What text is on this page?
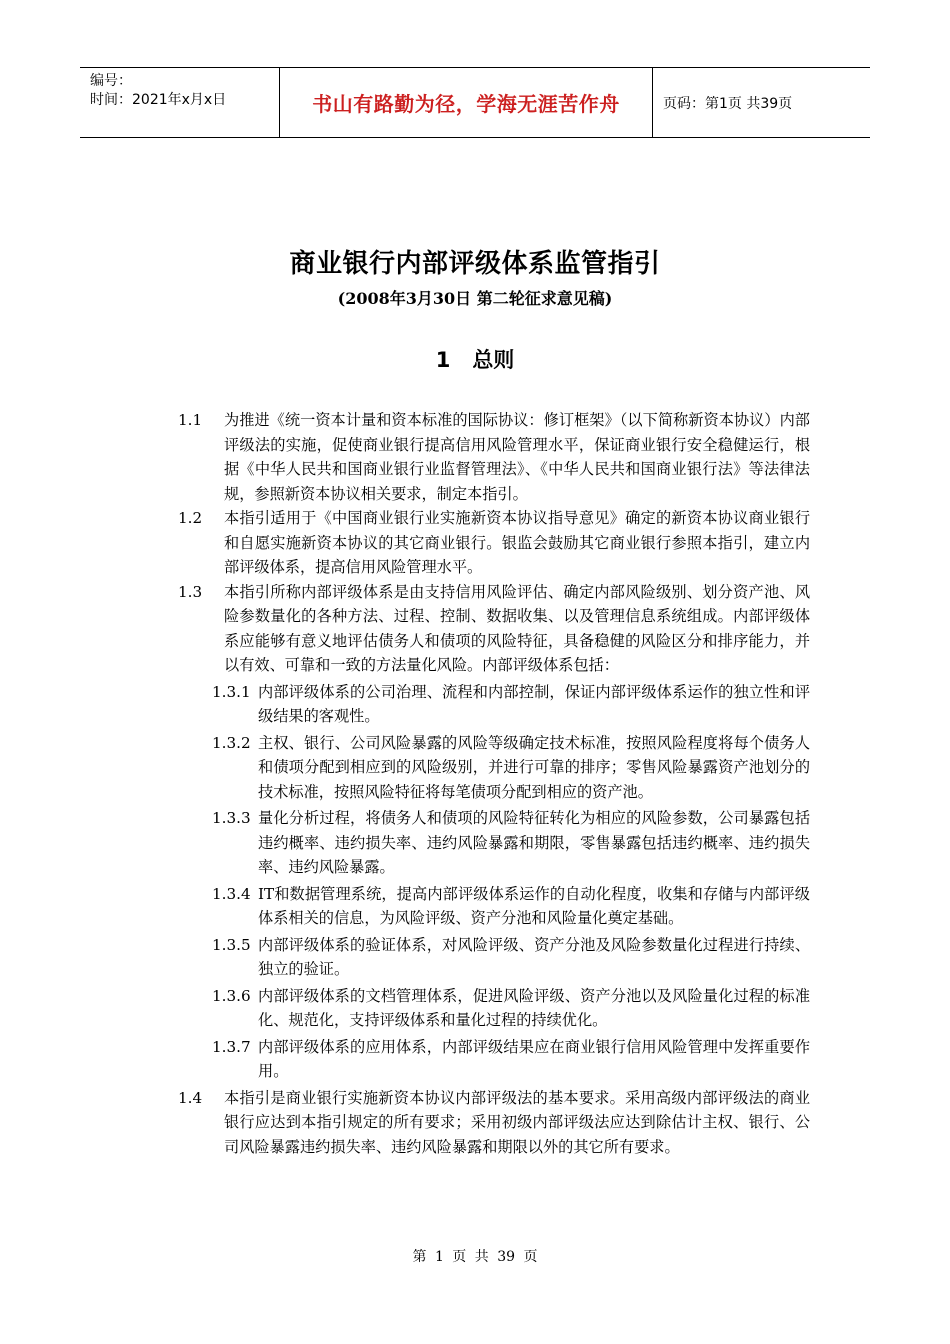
编号：
时间：2021年x月x日	书山有路勤为径，学海无涯苦作舟	页码：第1页 共39页
商业银行内部评级体系监管指引
(2008年3月30日 第二轮征求意见稿)
1 总则
1.1	为推进《统一资本计量和资本标准的国际协议：修订框架》（以下简称新资本协议）内部评级法的实施，促使商业银行提高信用风险管理水平，保证商业银行安全稳健运行，根据《中华人民共和国商业银行业监督管理法》、《中华人民共和国商业银行法》等法律法规，参照新资本协议相关要求，制定本指引。
1.2	本指引适用于《中国商业银行业实施新资本协议指导意见》确定的新资本协议商业银行和自愿实施新资本协议的其它商业银行。银监会鼓励其它商业银行参照本指引，建立内部评级体系，提高信用风险管理水平。
1.3	本指引所称内部评级体系是由支持信用风险评估、确定内部风险级别、划分资产池、风险参数量化的各种方法、过程、控制、数据收集、以及管理信息系统组成。内部评级体系应能够有意义地评估债务人和债项的风险特征，具备稳健的风险区分和排序能力，并以有效、可靠和一致的方法量化风险。内部评级体系包括：
1.3.1 内部评级体系的公司治理、流程和内部控制，保证内部评级体系运作的独立性和评级结果的客观性。
1.3.2 主权、银行、公司风险暴露的风险等级确定技术标准，按照风险程度将每个债务人和债项分配到相应到的风险级别，并进行可靠的排序；零售风险暴露资产池划分的技术标准，按照风险特征将每笔债项分配到相应的资产池。
1.3.3 量化分析过程，将债务人和债项的风险特征转化为相应的风险参数，公司暴露包括违约概率、违约损失率、违约风险暴露和期限，零售暴露包括违约概率、违约损失率、违约风险暴露。
1.3.4 IT和数据管理系统，提高内部评级体系运作的自动化程度，收集和存储与内部评级体系相关的信息，为风险评级、资产分池和风险量化奠定基础。
1.3.5 内部评级体系的验证体系，对风险评级、资产分池及风险参数量化过程进行持续、独立的验证。
1.3.6 内部评级体系的文档管理体系，促进风险评级、资产分池以及风险量化过程的标准化、规范化，支持评级体系和量化过程的持续优化。
1.3.7 内部评级体系的应用体系，内部评级结果应在商业银行信用风险管理中发挥重要作用。
1.4	本指引是商业银行实施新资本协议内部评级法的基本要求。采用高级内部评级法的商业银行应达到本指引规定的所有要求；采用初级内部评级法应达到除估计主权、银行、公司风险暴露违约损失率、违约风险暴露和期限以外的其它所有要求。
第 1 页 共 39 页
